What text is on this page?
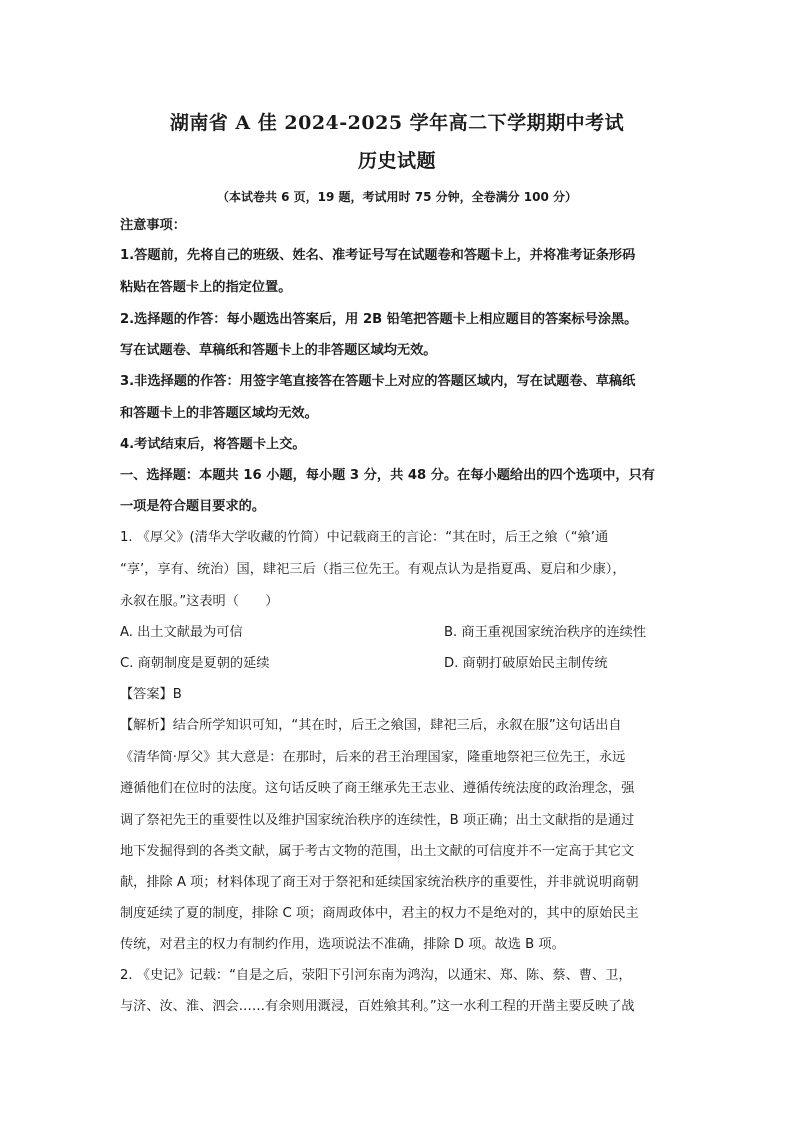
湖南省 A 佳 2024-2025 学年高二下学期期中考试
历史试题
（本试卷共 6 页，19 题，考试用时 75 分钟，全卷满分 100 分）
注意事项：
1.答题前，先将自己的班级、姓名、准考证号写在试题卷和答题卡上，并将准考证条形码
粘贴在答题卡上的指定位置。
2.选择题的作答：每小题选出答案后，用 2B 铅笔把答题卡上相应题目的答案标号涂黑。
写在试题卷、草稿纸和答题卡上的非答题区域均无效。
3.非选择题的作答：用签字笔直接答在答题卡上对应的答题区域内，写在试题卷、草稿纸
和答题卡上的非答题区域均无效。
4.考试结束后，将答题卡上交。
一、选择题：本题共 16 小题，每小题 3 分，共 48 分。在每小题给出的四个选项中，只有
一项是符合题目要求的。
1. 《厚父》(清华大学收藏的竹简）中记载商王的言论：“其在时，后王之飨（“飨’通
“享’，享有、统治）国，肆祀三后（指三位先王。有观点认为是指夏禹、夏启和少康），
永叙在服。”这表明（　　）
A. 出土文献最为可信	B. 商王重视国家统治秩序的连续性
C. 商朝制度是夏朝的延续	D. 商朝打破原始民主制传统
【答案】B
【解析】结合所学知识可知，“其在时，后王之飨国，肆祀三后，永叙在服”这句话出自
《清华简·厚父》其大意是：在那时，后来的君王治理国家，隆重地祭祀三位先王，永远
遵循他们在位时的法度。这句话反映了商王继承先王志业、遵循传统法度的政治理念，强
调了祭祀先王的重要性以及维护国家统治秩序的连续性，B 项正确；出土文献指的是通过
地下发掘得到的各类文献，属于考古文物的范围，出土文献的可信度并不一定高于其它文
献，排除 A 项；材料体现了商王对于祭祀和延续国家统治秩序的重要性，并非就说明商朝
制度延续了夏的制度，排除 C 项；商周政体中，君主的权力不是绝对的，其中的原始民主
传统，对君主的权力有制约作用，选项说法不准确，排除 D 项。故选 B 项。
2. 《史记》记载：“自是之后，荥阳下引河东南为鸿沟，以通宋、郑、陈、蔡、曹、卫，
与济、汝、淮、泗会……有余则用溉浸，百姓飨其利。”这一水利工程的开凿主要反映了战
